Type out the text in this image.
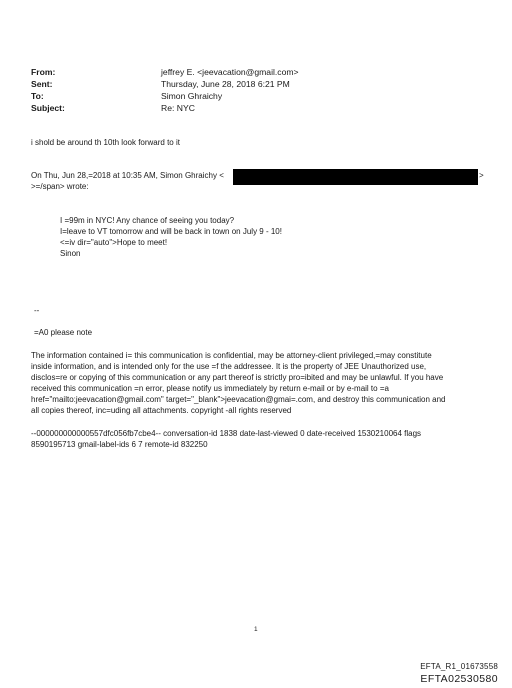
From:	jeffrey E. <jeevacation@gmail.com>
Sent:	Thursday, June 28, 2018 6:21 PM
To:	Simon Ghraichy
Subject:	Re: NYC
i shold be around th 10th look forward to it
On Thu, Jun 28,=2018 at 10:35 AM, Simon Ghraichy <	>
>=/span> wrote:
I =99m in NYC! Any chance of seeing you today?
I=leave to VT tomorrow and will be back in town on July 9 - 10!
<=iv dir="auto">Hope to meet!
Sinon
--
=A0 please note
The information contained i= this communication is confidential, may be attorney-client privileged,=may constitute
inside information, and is intended only for the use =f the addressee. It is the property of JEE Unauthorized use,
disclos=re or copying of this communication or any part thereof is strictly pro=ibited and may be unlawful. If you have
received this communication =n error, please notify us immediately by return e-mail or by e-mail to =a
href="mailto:jeevacation@gmail.com" target="_blank">jeevacation@gmai=.com, and destroy this communication and
all copies thereof, inc=uding all attachments. copyright -all rights reserved
--000000000000557dfc056fb7cbe4-- conversation-id 1838 date-last-viewed 0 date-received 1530210064 flags
8590195713 gmail-label-ids 6 7 remote-id 832250
1
EFTA_R1_01673558
EFTA02530580
